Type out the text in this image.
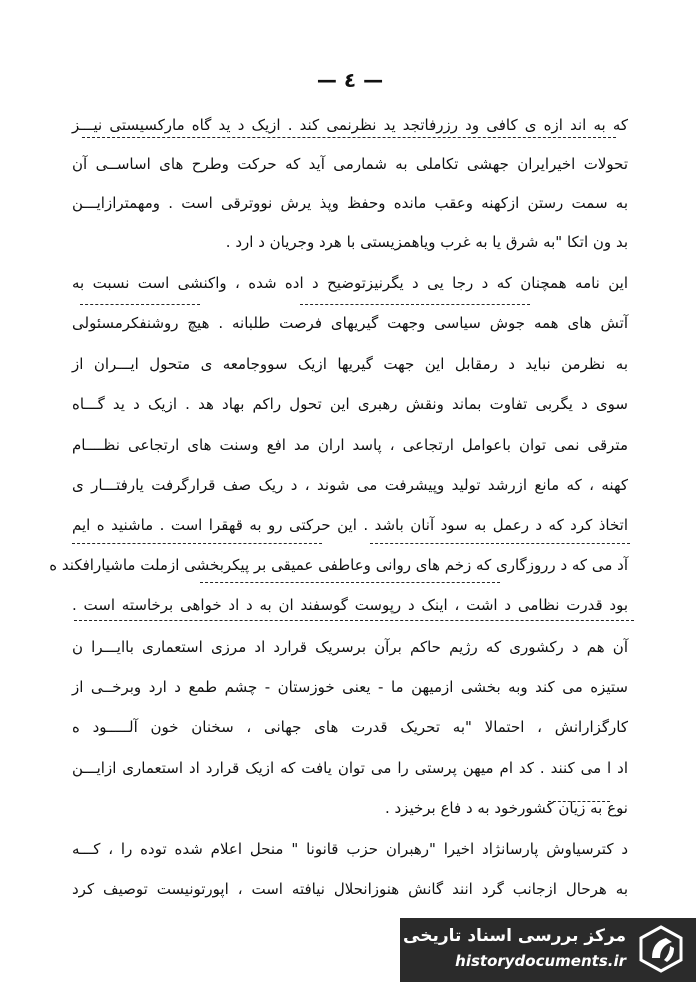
— ٤ —
که به اند ازه ی کافی ود رزرفاتجد ید نظرنمی کند . ازیک د ید گاه مارکسیستی نیـــز
تحولات اخیرایران جهشی تکاملی به شمارمی آید که حرکت وطرح های اساســی آن
به سمت رستن ازکهنه وعقب مانده وحفظ وپذ یرش نووترقی است . ومهمترازایـــن
بد ون اتکا "به شرق یا به غرب ویاهمزیستی با هرد وجریان د ارد .
این نامه همچنان که د رجا یی د یگرنیزتوضیح د اده شده ، واکنشی است نسبت به
آتش های همه جوش سیاسی وجهت گیریهای فرصت طلبانه . هیچ روشنفکرمسئولی
به نظرمن نباید د رمقابل این جهت گیریها ازیک سووجامعه ی متحول ایـــران از
سوی د یگربی تفاوت بماند ونقش رهبری این تحول راکم بهاد هد . ازیک د ید گـــاه
مترقی نمی توان باعوامل ارتجاعی ، پاسد اران مد افع وسنت های ارتجاعی نظــــام
کهنه ، که مانع ازرشد تولید وپیشرفت می شوند ، د ریک صف قرارگرفت یارفتـــار ی
اتخاذ کرد که د رعمل به سود آنان باشد . این حرکتی رو به قهقرا است . ماشنید ه ایم
آد می که د رروزگاری که زخم های روانی وعاطفی عمیقی بر پیکربخشی ازملت ماشیارافکند ه
بود قدرت نظامی د اشت ، اینک د رپوست گوسفند ان به د اد خواهی برخاسته است .
آن هم د رکشوری که رژیم حاکم برآن برسریک قرارد اد مرزی استعماری باایـــرا ن
ستیزه می کند وبه بخشی ازمیهن ما - یعنی خوزستان - چشم طمع د ارد وبرخــی از
کارگزارانش ، احتمالا "به تحریک قدرت های جهانی ، سخنان خون آلـــــود ه
اد ا می کنند . کد ام میهن پرستی را می توان یافت که ازیک قرارد اد استعماری ازایـــن
نوع به زیان کشورخود به د فاع برخیزد .
د کترسیاوش پارسانژاد اخیرا "رهبران حزب قانونا " منحل اعلام شده توده را ، کـــه
به هرحال ازجانب گرد انند گانش هنوزانحلال نیافته است ، اپورتونیست توصیف کرد
مرکز بررسی اسناد تاریخی
historydocuments.ir
